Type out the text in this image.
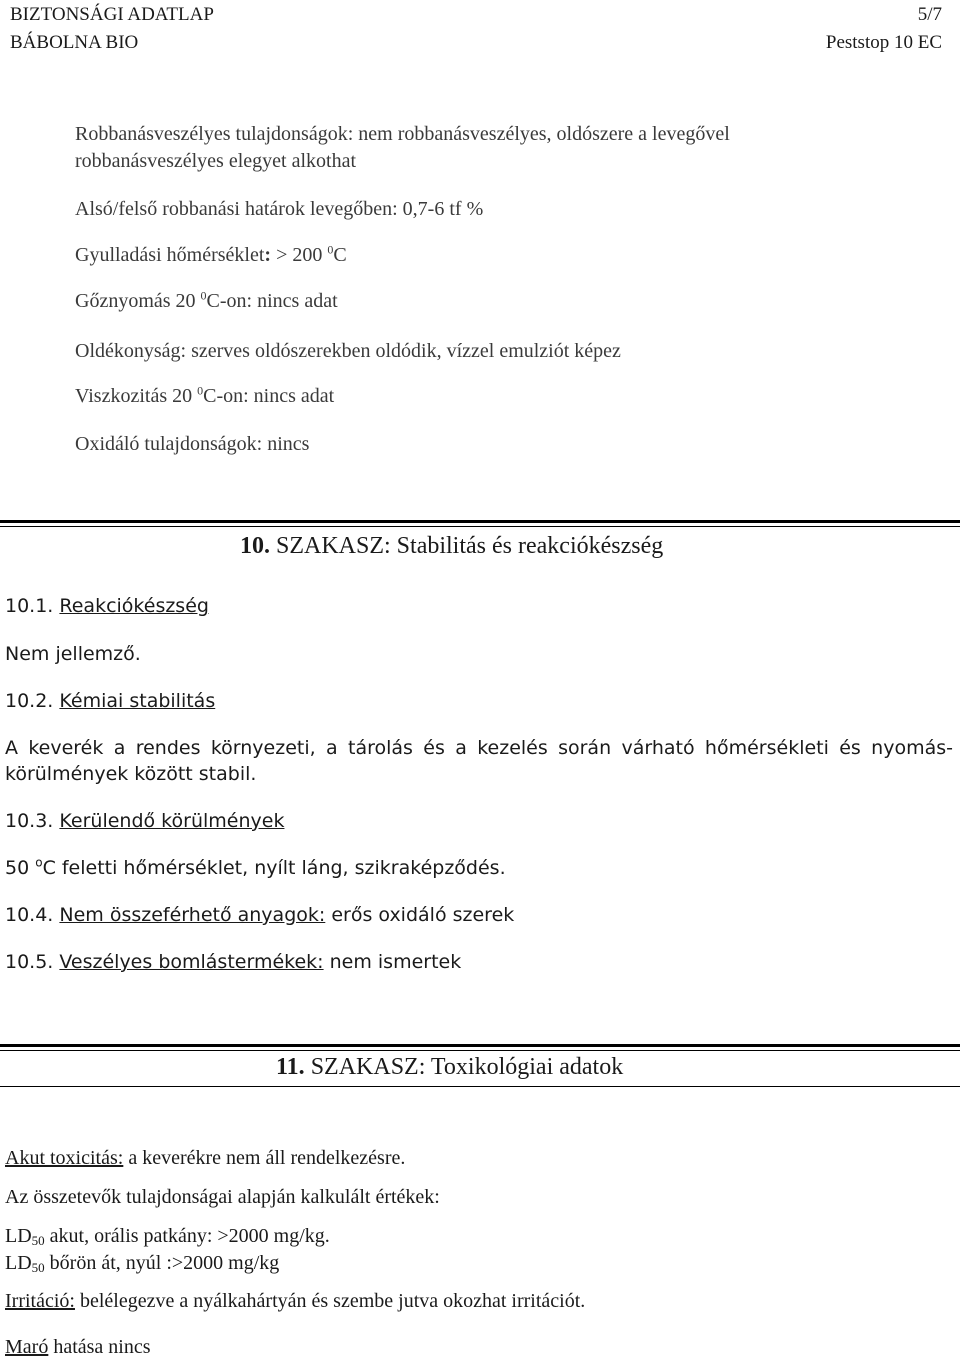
BIZTONSÁGI ADATLAP	5/7
BÁBOLNA BIO	Peststop 10 EC
Robbanásveszélyes tulajdonságok: nem robbanásveszélyes, oldószere a levegővel
robbanásveszélyes elegyet alkothat
Alsó/felső robbanási határok levegőben: 0,7-6 tf %
Gyulladási hőmérséklet: > 200 $^0$C
Gőznyomás 20 $^0$C-on: nincs adat
Oldékonyság: szerves oldószerekben oldódik, vízzel emulziót képez
Viszkozitás 20 $^0$C-on: nincs adat
Oxidáló tulajdonságok: nincs
10. SZAKASZ: Stabilitás és reakciókészség
10.1. Reakciókészség
Nem jellemző.
10.2. Kémiai stabilitás
A keverék a rendes környezeti, a tárolás és a kezelés során várható hőmérsékleti és nyomás-
körülmények között stabil.
10.3. Kerülendő körülmények
50 $^o$C feletti hőmérséklet, nyílt láng, szikraképződés.
10.4. Nem összeférhető anyagok: erős oxidáló szerek
10.5. Veszélyes bomlástermékek: nem ismertek
11. SZAKASZ: Toxikológiai adatok
Akut toxicitás: a keverékre nem áll rendelkezésre.
Az összetevők tulajdonságai alapján kalkulált értékek:
$LD_{50}$ akut, orális patkány: >2000 mg/kg.
$LD_{50}$ bőrön át, nyúl :>2000 mg/kg
Irritáció: belélegezve a nyálkahártyán és szembe jutva okozhat irritációt.
Maró hatása nincs
